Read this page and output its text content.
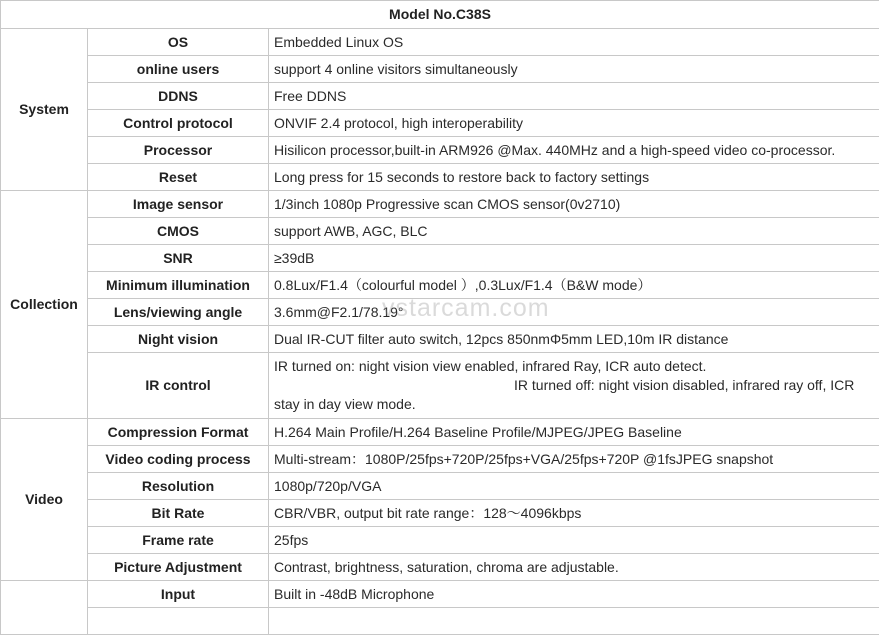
Model No.C38S		
System	OS	Embedded Linux OS
	online users	support 4 online visitors simultaneously
	DDNS	Free DDNS
	Control protocol	ONVIF 2.4 protocol, high interoperability
	Processor	Hisilicon processor,built-in ARM926 @Max. 440MHz and a high-speed video co-processor.
	Reset	Long press for 15 seconds to restore back to factory settings
Collection	Image sensor	1/3inch 1080p Progressive scan CMOS sensor(0v2710)
	CMOS	support AWB, AGC, BLC
	SNR	≥39dB
	Minimum illumination	0.8Lux/F1.4（colourful model ）,0.3Lux/F1.4（B&W mode）
	Lens/viewing angle	3.6mm@F2.1/78.19°
	Night vision	Dual IR-CUT filter auto switch, 12pcs 850nmΦ5mm LED,10m IR distance
	IR control	IR turned on: night vision view enabled, infrared Ray, ICR auto detect.
IR turned off: night vision disabled, infrared ray off, ICR
stay in day view mode.

Video	Compression Format	H.264 Main Profile/H.264 Baseline Profile/MJPEG/JPEG Baseline
	Video coding process	Multi-stream：1080P/25fps+720P/25fps+VGA/25fps+720P @1fsJPEG snapshot
	Resolution	1080p/720p/VGA
	Bit Rate	CBR/VBR, output bit rate range：128～4096kbps
	Frame rate	25fps
	Picture Adjustment	Contrast, brightness, saturation, chroma are adjustable.
	Input	Built in -48dB Microphone

vstarcam.com
